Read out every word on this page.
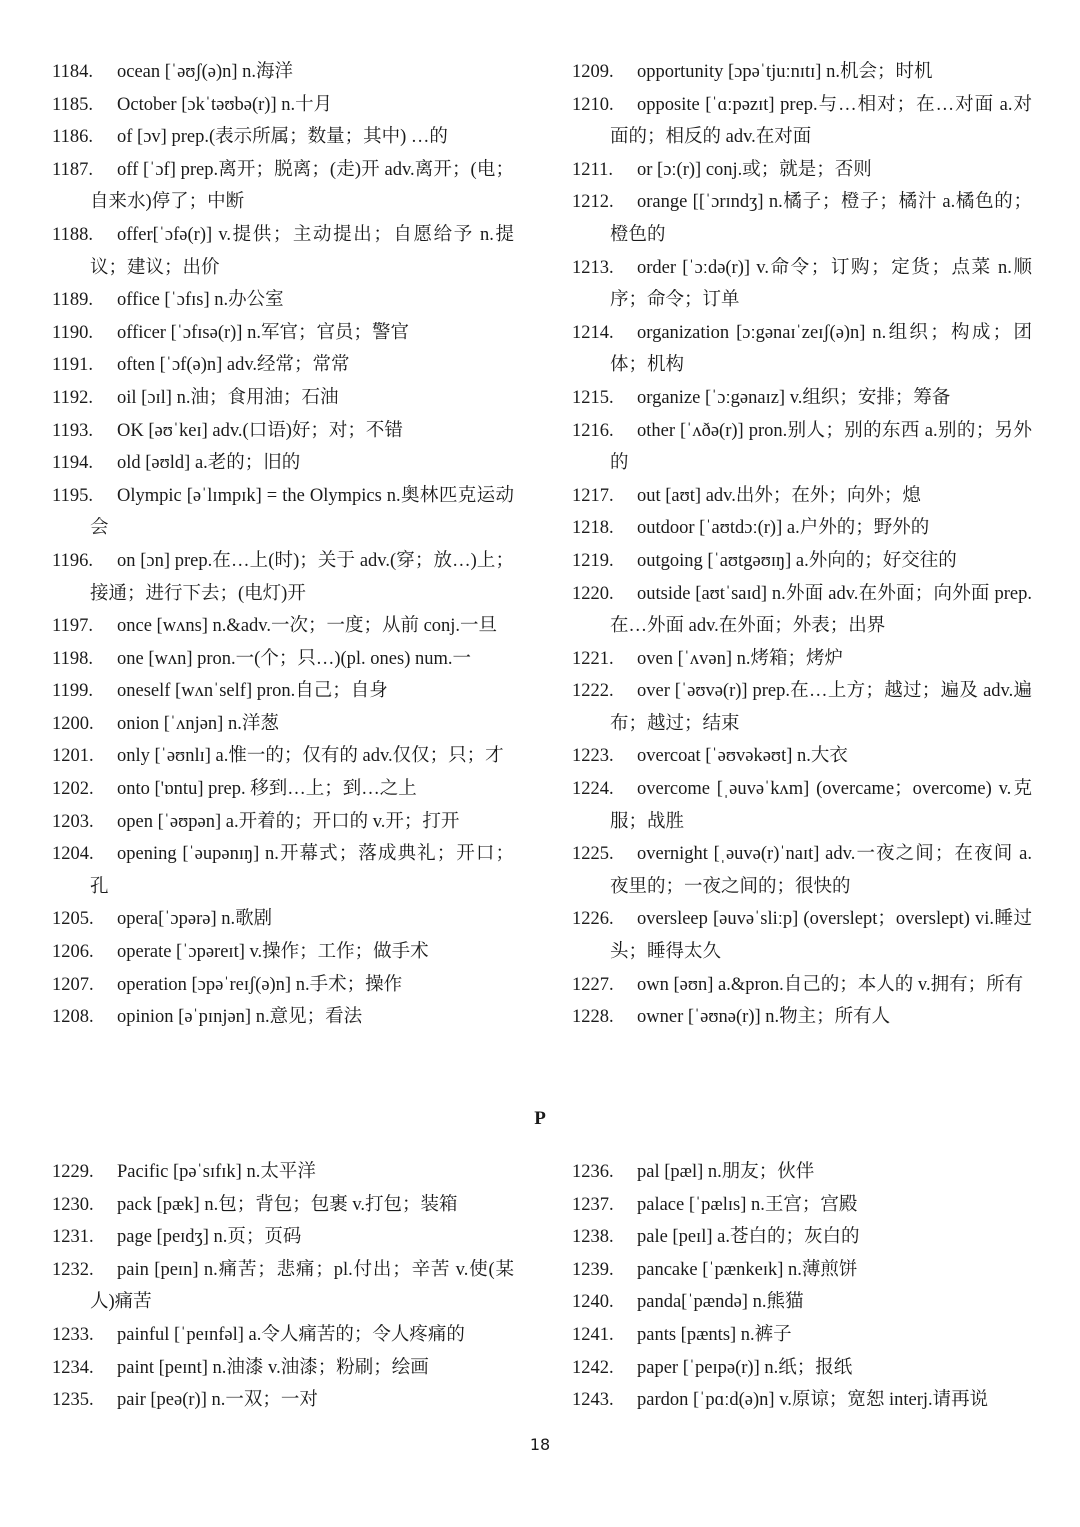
1184. ocean [ˈəʊʃ(ə)n] n.海洋

1185. October [ɔkˈtəʊbə(r)] n.十月

1186. of [ɔv] prep.(表示所属；数量；其中) …的

1187. off [ˈɔf] prep.离开；脱离；(走)开 adv.离开；(电；自来水)停了；中断

1188. offer[ˈɔfə(r)] v.提供；主动提出；自愿给予 n.提议；建议；出价

1189. office [ˈɔfɪs] n.办公室

1190. officer [ˈɔfɪsə(r)] n.军官；官员；警官

1191. often [ˈɔf(ə)n] adv.经常；常常

1192. oil [ɔɪl] n.油；食用油；石油

1193. OK [əʊˈkeɪ] adv.(口语)好；对；不错

1194. old [əʊld] a.老的；旧的

1195. Olympic [əˈlɪmpɪk] = the Olympics n.奥林匹克运动会

1196. on [ɔn] prep.在…上(时)；关于 adv.(穿；放…)上；接通；进行下去；(电灯)开

1197. once [wʌns] n.&adv.一次；一度；从前 conj.一旦

1198. one [wʌn] pron.一(个；只…)(pl. ones) num.一

1199. oneself [wʌnˈself] pron.自己；自身

1200. onion [ˈʌnjən] n.洋葱

1201. only [ˈəʊnlɪ] a.惟一的；仅有的 adv.仅仅；只；才

1202. onto ['ɒntu] prep. 移到…上；到…之上

1203. open [ˈəʊpən] a.开着的；开口的 v.开；打开

1204. opening [ˈəupənɪŋ] n.开幕式；落成典礼；开口；孔

1205. opera[ˈɔpərə] n.歌剧

1206. operate [ˈɔpəreɪt] v.操作；工作；做手术

1207. operation [ɔpəˈreɪʃ(ə)n] n.手术；操作

1208. opinion [əˈpɪnjən] n.意见；看法

1209. opportunity [ɔpəˈtjuːnɪtɪ] n.机会；时机

1210. opposite [ˈɑːpəzɪt] prep.与…相对；在…对面 a.对面的；相反的 adv.在对面

1211. or [ɔː(r)] conj.或；就是；否则

1212. orange [[ˈɔrɪndʒ] n.橘子；橙子；橘汁 a.橘色的；橙色的

1213. order [ˈɔːdə(r)] v.命令；订购；定货；点菜 n.顺序；命令；订单

1214. organization [ɔːgənaɪˈzeɪʃ(ə)n] n.组织；构成；团体；机构

1215. organize [ˈɔːgənaɪz] v.组织；安排；筹备

1216. other [ˈʌðə(r)] pron.别人；别的东西 a.别的；另外的

1217. out [aʊt] adv.出外；在外；向外；熄

1218. outdoor [ˈaʊtdɔː(r)] a.户外的；野外的

1219. outgoing [ˈaʊtgəʊɪŋ] a.外向的；好交往的

1220. outside [aʊtˈsaɪd] n.外面 adv.在外面；向外面 prep.在…外面 adv.在外面；外表；出界

1221. oven [ˈʌvən] n.烤箱；烤炉

1222. over [ˈəʊvə(r)] prep.在…上方；越过；遍及 adv.遍布；越过；结束

1223. overcoat [ˈəʊvəkəʊt] n.大衣

1224. overcome [ˌəuvəˈkʌm] (overcame；overcome) v.克服；战胜

1225. overnight [ˌəuvə(r)ˈnaɪt] adv.一夜之间；在夜间 a.夜里的；一夜之间的；很快的

1226. oversleep [əuvəˈsliːp] (overslept；overslept) vi.睡过头；睡得太久

1227. own [əʊn] a.&pron.自己的；本人的 v.拥有；所有

1228. owner [ˈəʊnə(r)] n.物主；所有人

P

1229. Pacific [pəˈsɪfɪk] n.太平洋

1230. pack [pæk] n.包；背包；包裹 v.打包；装箱

1231. page [peɪdʒ] n.页；页码

1232. pain [peɪn] n.痛苦；悲痛；pl.付出；辛苦 v.使(某人)痛苦

1233. painful [ˈpeɪnfəl] a.令人痛苦的；令人疼痛的

1234. paint [peɪnt] n.油漆 v.油漆；粉刷；绘画

1235. pair [peə(r)] n.一双；一对

1236. pal [pæl] n.朋友；伙伴

1237. palace [ˈpælɪs] n.王宫；宫殿

1238. pale [peɪl] a.苍白的；灰白的

1239. pancake [ˈpænkeɪk] n.薄煎饼

1240. panda[ˈpændə] n.熊猫

1241. pants [pænts] n.裤子

1242. paper [ˈpeɪpə(r)] n.纸；报纸

1243. pardon [ˈpɑːd(ə)n] v.原谅；宽恕 interj.请再说

18
